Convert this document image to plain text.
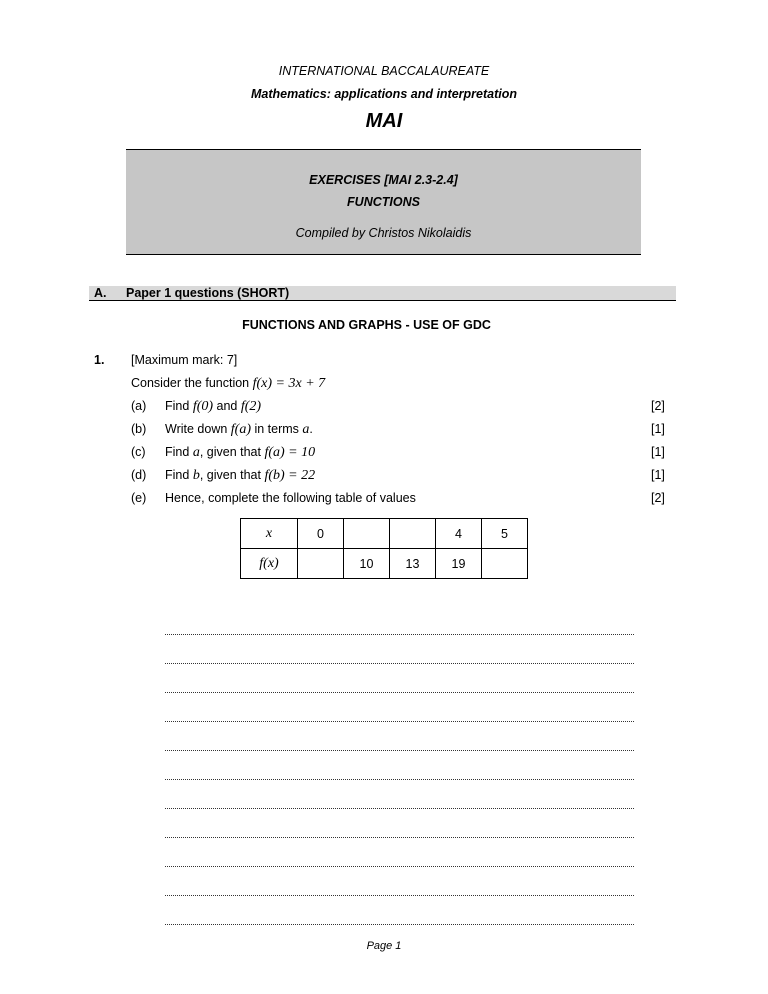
INTERNATIONAL BACCALAUREATE
Mathematics: applications and interpretation
MAI
EXERCISES [MAI 2.3-2.4]
FUNCTIONS
Compiled by Christos Nikolaidis
A. Paper 1 questions (SHORT)
FUNCTIONS AND GRAPHS - USE OF GDC
1. [Maximum mark: 7]
Consider the function f(x) = 3x + 7
(a) Find f(0) and f(2)	[2]
(b) Write down f(a) in terms a.	[1]
(c) Find a, given that f(a) = 10	[1]
(d) Find b, given that f(b) = 22	[1]
(e) Hence, complete the following table of values	[2]
x	0			4	5
f(x)		10	13	19	
Page 1
